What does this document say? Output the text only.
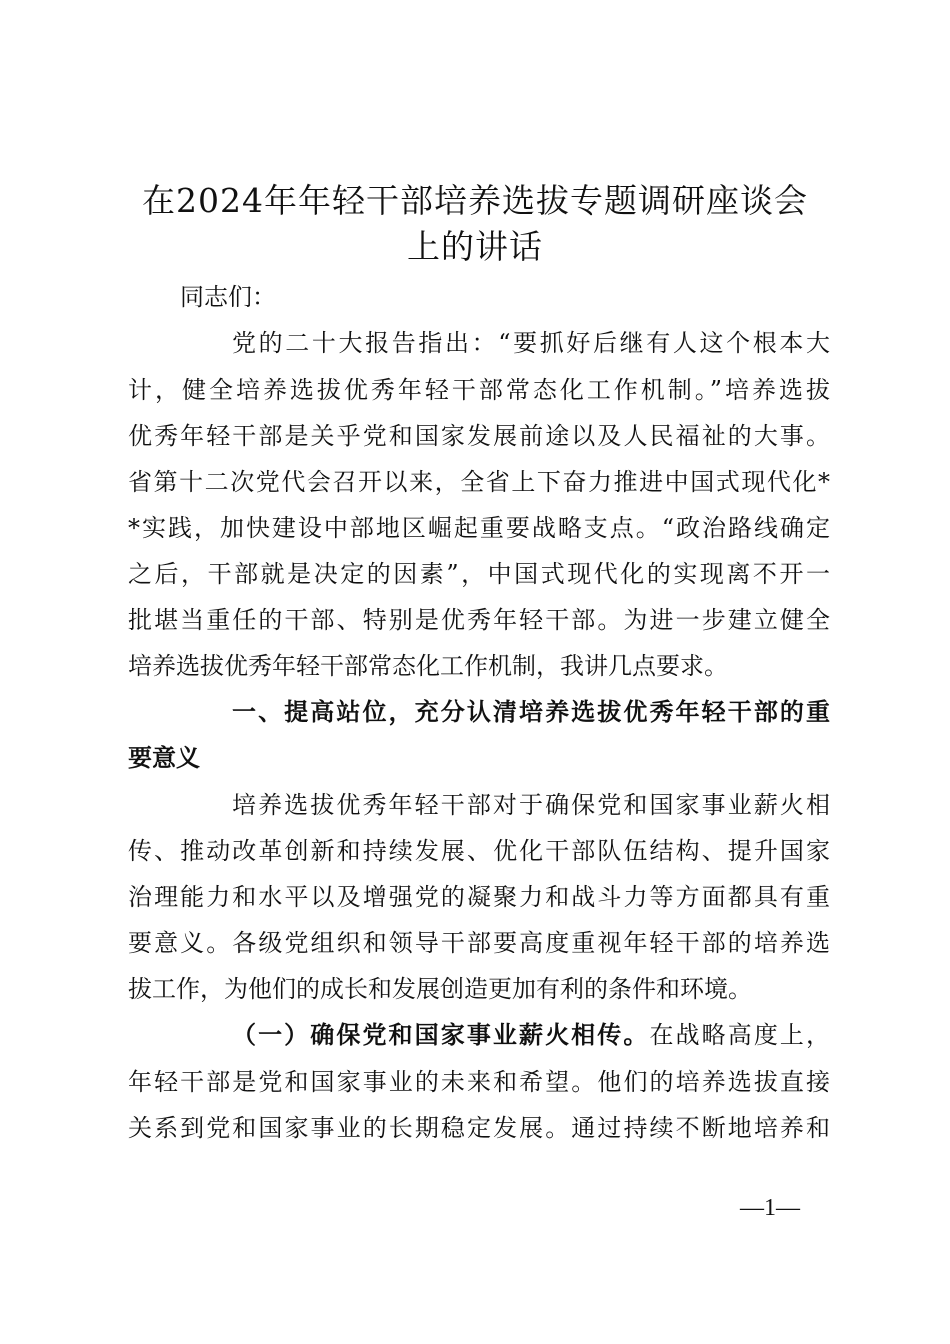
在2024年年轻干部培养选拔专题调研座谈会
上的讲话
同志们：
党的二十大报告指出：“要抓好后继有人这个根本大
计，健全培养选拔优秀年轻干部常态化工作机制。”培养选拔
优秀年轻干部是关乎党和国家发展前途以及人民福祉的大事。
省第十二次党代会召开以来，全省上下奋力推进中国式现代化*
*实践，加快建设中部地区崛起重要战略支点。“政治路线确定
之后，干部就是决定的因素”，中国式现代化的实现离不开一
批堪当重任的干部、特别是优秀年轻干部。为进一步建立健全
培养选拔优秀年轻干部常态化工作机制，我讲几点要求。
一、提高站位，充分认清培养选拔优秀年轻干部的重
要意义
培养选拔优秀年轻干部对于确保党和国家事业薪火相
传、推动改革创新和持续发展、优化干部队伍结构、提升国家
治理能力和水平以及增强党的凝聚力和战斗力等方面都具有重
要意义。各级党组织和领导干部要高度重视年轻干部的培养选
拔工作，为他们的成长和发展创造更加有利的条件和环境。
（一）确保党和国家事业薪火相传。在战略高度上，
年轻干部是党和国家事业的未来和希望。他们的培养选拔直接
关系到党和国家事业的长期稳定发展。通过持续不断地培养和
—1—
